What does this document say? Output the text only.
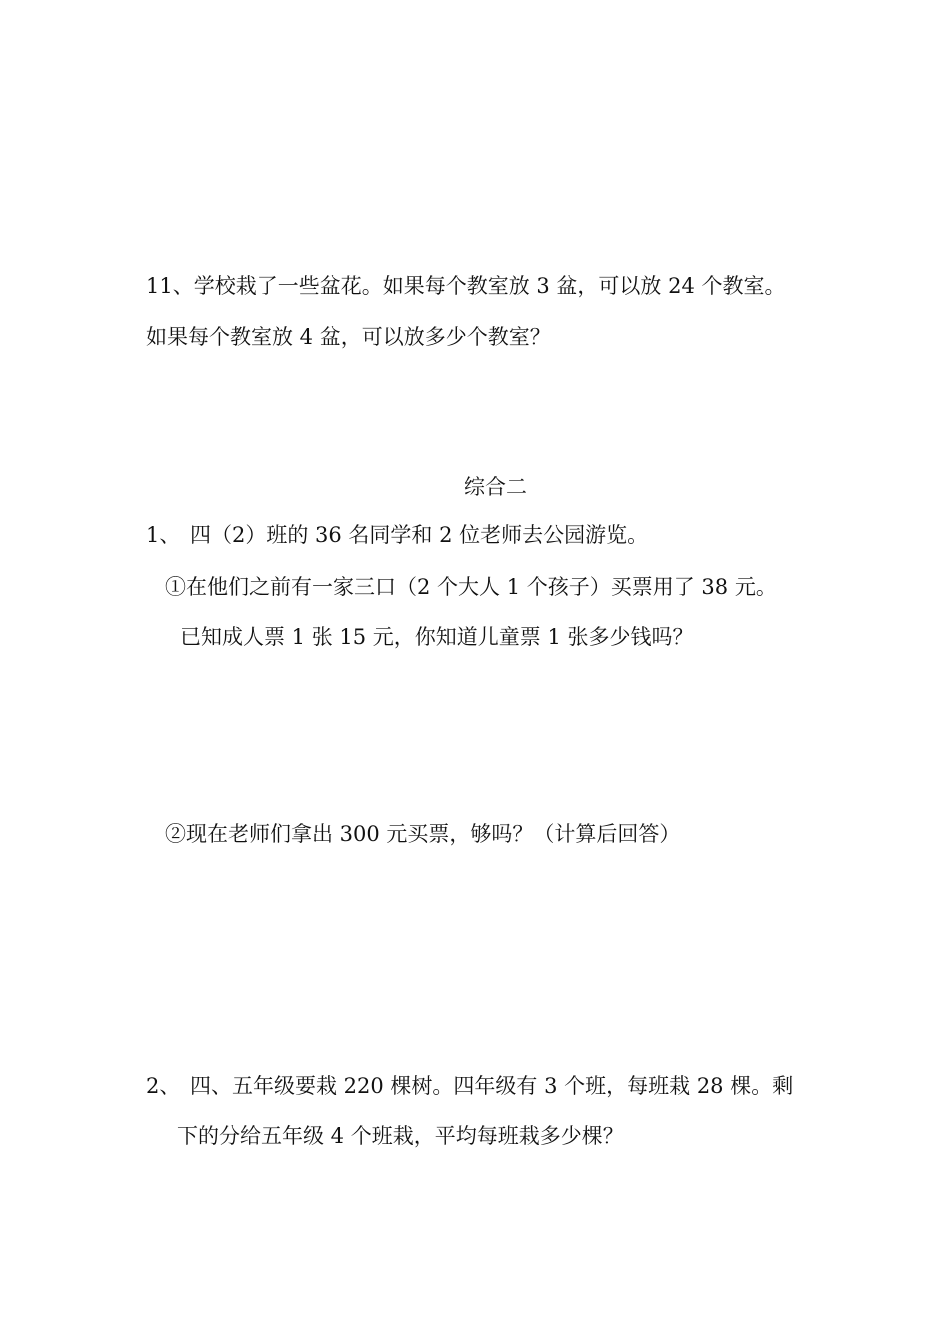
11、学校栽了一些盆花。如果每个教室放 3 盆，可以放 24 个教室。
如果每个教室放 4 盆，可以放多少个教室？
综合二
1、 四（2）班的 36 名同学和 2 位老师去公园游览。
①在他们之前有一家三口（2 个大人 1 个孩子）买票用了 38 元。
已知成人票 1 张 15 元，你知道儿童票 1 张多少钱吗？
②现在老师们拿出 300 元买票，够吗？（计算后回答）
2、 四、五年级要栽 220 棵树。四年级有 3 个班，每班栽 28 棵。剩
下的分给五年级 4 个班栽，平均每班栽多少棵？
